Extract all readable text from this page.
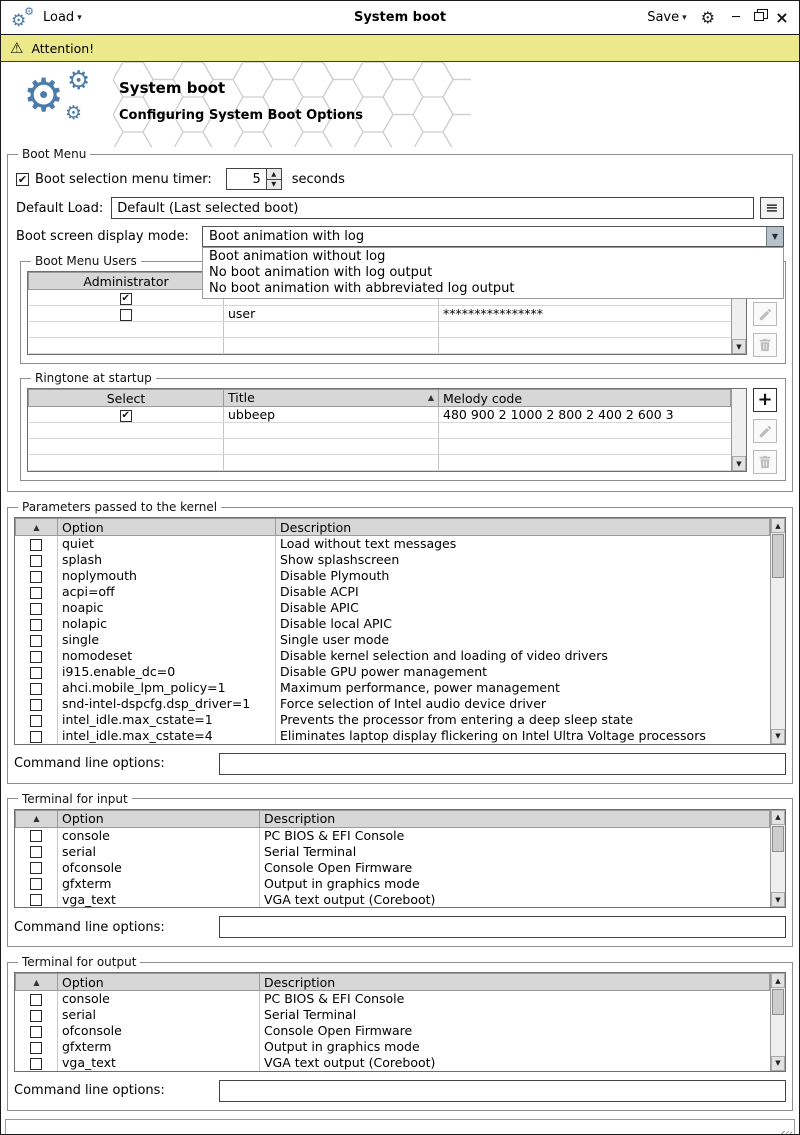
⚙
⚙ Load ▾	System boot	Save ▾ ⚙ ─ ×
⚠ Attention!
⚙ ⚙
⚙
System boot
Configuring System Boot Options
Boot Menu
✔ Boot selection menu timer:	5	▲
▼	seconds
Default Load:
Default (Last selected boot)	≡
Boot screen display mode:	Boot animation with log	▼
Boot animation without log
No boot animation with log output
No boot animation with abbreviated log output
Boot Menu Users
Administrator		
✔		
	user	****************

▼
Ringtone at startup
Select	Title ▲	Melody code
✔	ubbeep	480 900 2 1000 2 800 2 400 2 600 3

▼
+
Parameters passed to the kernel
▲	Option	Description
	quiet	Load without text messages
	splash	Show splashscreen
	noplymouth	Disable Plymouth
	acpi=off	Disable ACPI
	noapic	Disable APIC
	nolapic	Disable local APIC
	single	Single user mode
	nomodeset	Disable kernel selection and loading of video drivers
	i915.enable_dc=0	Disable GPU power management
	ahci.mobile_lpm_policy=1	Maximum performance, power management
	snd-intel-dspcfg.dsp_driver=1	Force selection of Intel audio device driver
	intel_idle.max_cstate=1	Prevents the processor from entering a deep sleep state
	intel_idle.max_cstate=4	Eliminates laptop display flickering on Intel Ultra Voltage processors
▲
▼
Command line options:
Terminal for input
▲	Option	Description
	console	PC BIOS & EFI Console
	serial	Serial Terminal
	ofconsole	Console Open Firmware
	gfxterm	Output in graphics mode
	vga_text	VGA text output (Coreboot)
▲
▼
Command line options:
Terminal for output
▲	Option	Description
	console	PC BIOS & EFI Console
	serial	Serial Terminal
	ofconsole	Console Open Firmware
	gfxterm	Output in graphics mode
	vga_text	VGA text output (Coreboot)
▲
▼
Command line options:
